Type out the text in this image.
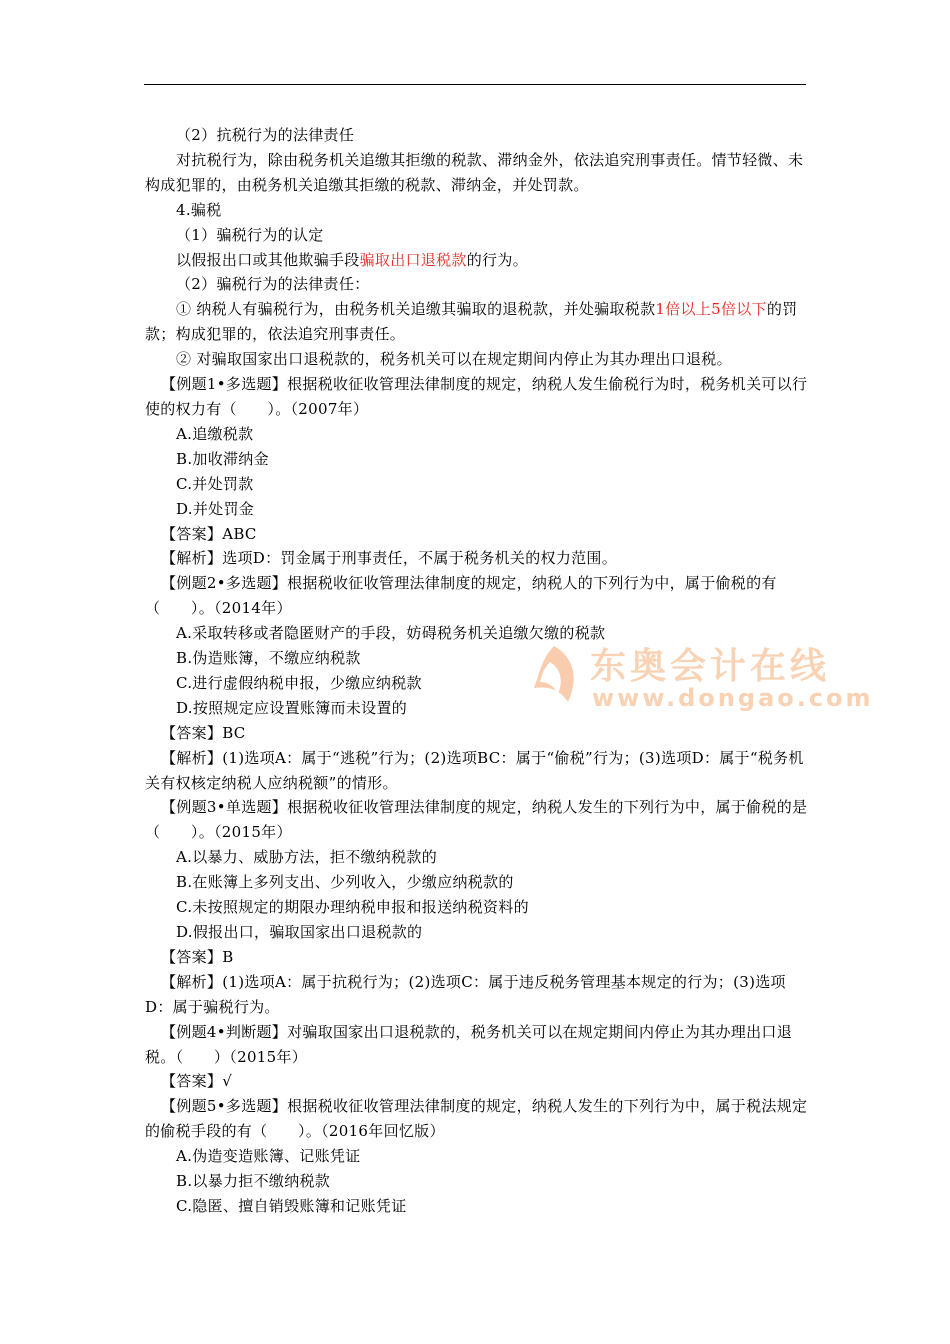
东奥会计在线
www.dongao.com

（2）抗税行为的法律责任

对抗税行为，除由税务机关追缴其拒缴的税款、滞纳金外，依法追究刑事责任。情节轻微、未构成犯罪的，由税务机关追缴其拒缴的税款、滞纳金，并处罚款。

4.骗税

（1）骗税行为的认定

以假报出口或其他欺骗手段骗取出口退税款的行为。

（2）骗税行为的法律责任：

① 纳税人有骗税行为，由税务机关追缴其骗取的退税款，并处骗取税款1倍以上5倍以下的罚款；构成犯罪的，依法追究刑事责任。

② 对骗取国家出口退税款的，税务机关可以在规定期间内停止为其办理出口退税。

【例题1•多选题】根据税收征收管理法律制度的规定，纳税人发生偷税行为时，税务机关可以行使的权力有（　　）。（2007年）

A.追缴税款

B.加收滞纳金

C.并处罚款

D.并处罚金

【答案】ABC

【解析】选项D：罚金属于刑事责任，不属于税务机关的权力范围。

【例题2•多选题】根据税收征收管理法律制度的规定，纳税人的下列行为中，属于偷税的有（　　）。（2014年）

A.采取转移或者隐匿财产的手段，妨碍税务机关追缴欠缴的税款

B.伪造账簿，不缴应纳税款

C.进行虚假纳税申报，少缴应纳税款

D.按照规定应设置账簿而未设置的

【答案】BC

【解析】(1)选项A：属于“逃税”行为；(2)选项BC：属于“偷税”行为；(3)选项D：属于“税务机关有权核定纳税人应纳税额”的情形。

【例题3•单选题】根据税收征收管理法律制度的规定，纳税人发生的下列行为中，属于偷税的是（　　）。（2015年）

A.以暴力、威胁方法，拒不缴纳税款的

B.在账簿上多列支出、少列收入，少缴应纳税款的

C.未按照规定的期限办理纳税申报和报送纳税资料的

D.假报出口，骗取国家出口退税款的

【答案】B

【解析】(1)选项A：属于抗税行为；(2)选项C：属于违反税务管理基本规定的行为；(3)选项D：属于骗税行为。

【例题4•判断题】对骗取国家出口退税款的，税务机关可以在规定期间内停止为其办理出口退税。（　　）（2015年）

【答案】√

【例题5•多选题】根据税收征收管理法律制度的规定，纳税人发生的下列行为中，属于税法规定的偷税手段的有（　　）。（2016年回忆版）

A.伪造变造账簿、记账凭证

B.以暴力拒不缴纳税款

C.隐匿、擅自销毁账簿和记账凭证
